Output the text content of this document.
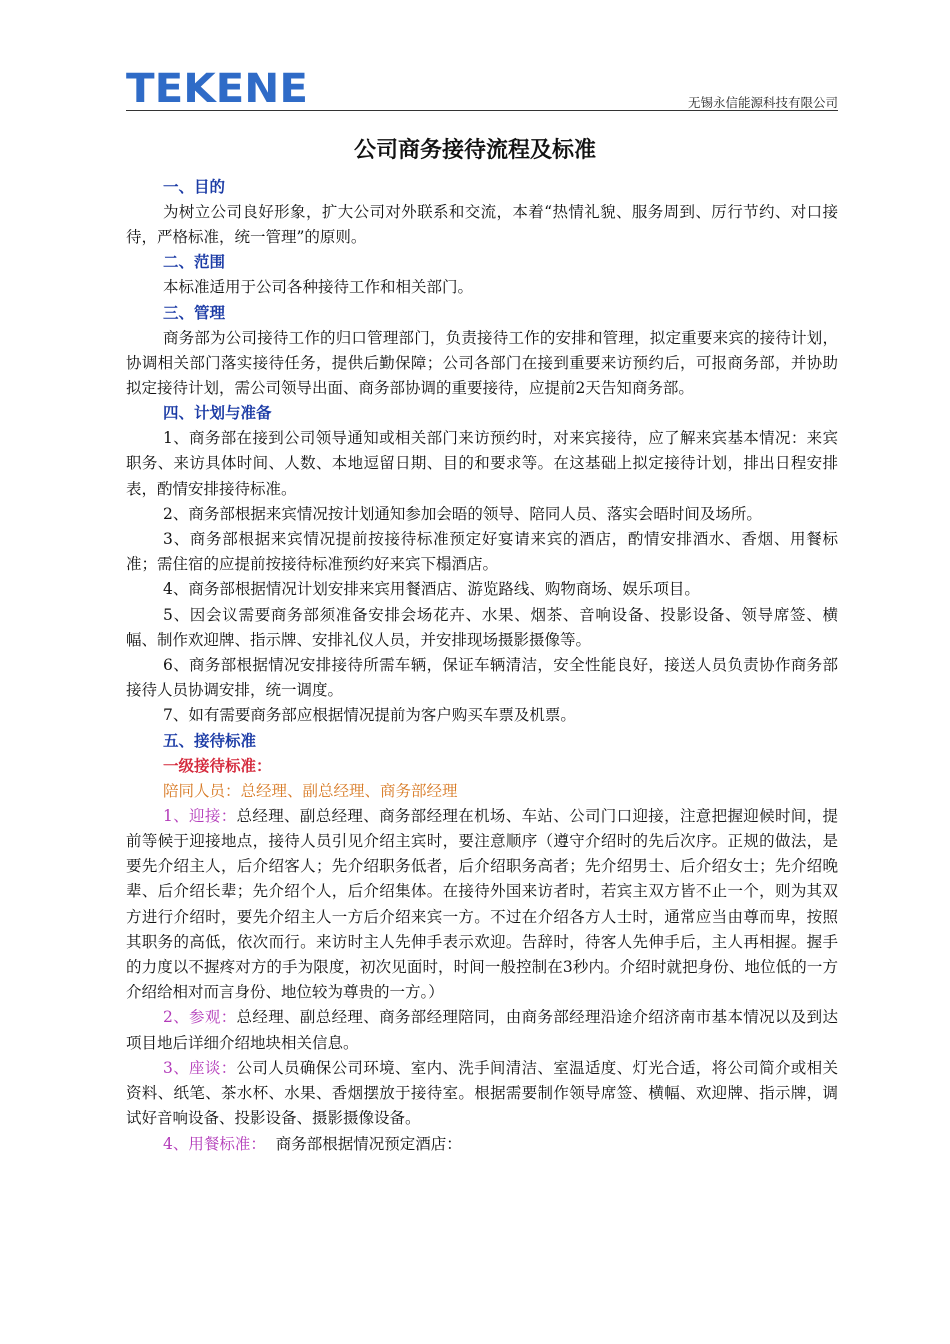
TEKENE	无锡永信能源科技有限公司
公司商务接待流程及标准

一、目的

为树立公司良好形象，扩大公司对外联系和交流，本着“热情礼貌、服务周到、厉行节约、对口接待，严格标准，统一管理”的原则。

二、范围

本标准适用于公司各种接待工作和相关部门。

三、管理

商务部为公司接待工作的归口管理部门，负责接待工作的安排和管理，拟定重要来宾的接待计划，协调相关部门落实接待任务，提供后勤保障；公司各部门在接到重要来访预约后，可报商务部，并协助拟定接待计划，需公司领导出面、商务部协调的重要接待，应提前2天告知商务部。

四、计划与准备

1、商务部在接到公司领导通知或相关部门来访预约时，对来宾接待，应了解来宾基本情况：来宾职务、来访具体时间、人数、本地逗留日期、目的和要求等。在这基础上拟定接待计划，排出日程安排表，酌情安排接待标准。

2、商务部根据来宾情况按计划通知参加会晤的领导、陪同人员、落实会晤时间及场所。

3、商务部根据来宾情况提前按接待标准预定好宴请来宾的酒店，酌情安排酒水、香烟、用餐标准；需住宿的应提前按接待标准预约好来宾下榻酒店。

4、商务部根据情况计划安排来宾用餐酒店、游览路线、购物商场、娱乐项目。

5、因会议需要商务部须准备安排会场花卉、水果、烟茶、音响设备、投影设备、领导席签、横幅、制作欢迎牌、指示牌、安排礼仪人员，并安排现场摄影摄像等。

6、商务部根据情况安排接待所需车辆，保证车辆清洁，安全性能良好，接送人员负责协作商务部接待人员协调安排，统一调度。

7、如有需要商务部应根据情况提前为客户购买车票及机票。

五、接待标准

一级接待标准：

陪同人员：总经理、副总经理、商务部经理

1、迎接：总经理、副总经理、商务部经理在机场、车站、公司门口迎接，注意把握迎候时间，提前等候于迎接地点，接待人员引见介绍主宾时，要注意顺序（遵守介绍时的先后次序。正规的做法，是要先介绍主人，后介绍客人；先介绍职务低者，后介绍职务高者；先介绍男士、后介绍女士；先介绍晚辈、后介绍长辈；先介绍个人，后介绍集体。在接待外国来访者时，若宾主双方皆不止一个，则为其双方进行介绍时，要先介绍主人一方后介绍来宾一方。不过在介绍各方人士时，通常应当由尊而卑，按照其职务的高低，依次而行。来访时主人先伸手表示欢迎。告辞时，待客人先伸手后，主人再相握。握手的力度以不握疼对方的手为限度，初次见面时，时间一般控制在3秒内。介绍时就把身份、地位低的一方介绍给相对而言身份、地位较为尊贵的一方。）

2、参观：总经理、副总经理、商务部经理陪同，由商务部经理沿途介绍济南市基本情况以及到达项目地后详细介绍地块相关信息。

3、座谈：公司人员确保公司环境、室内、洗手间清洁、室温适度、灯光合适，将公司简介或相关资料、纸笔、茶水杯、水果、香烟摆放于接待室。根据需要制作领导席签、横幅、欢迎牌、指示牌，调试好音响设备、投影设备、摄影摄像设备。

4、用餐标准： 商务部根据情况预定酒店：
